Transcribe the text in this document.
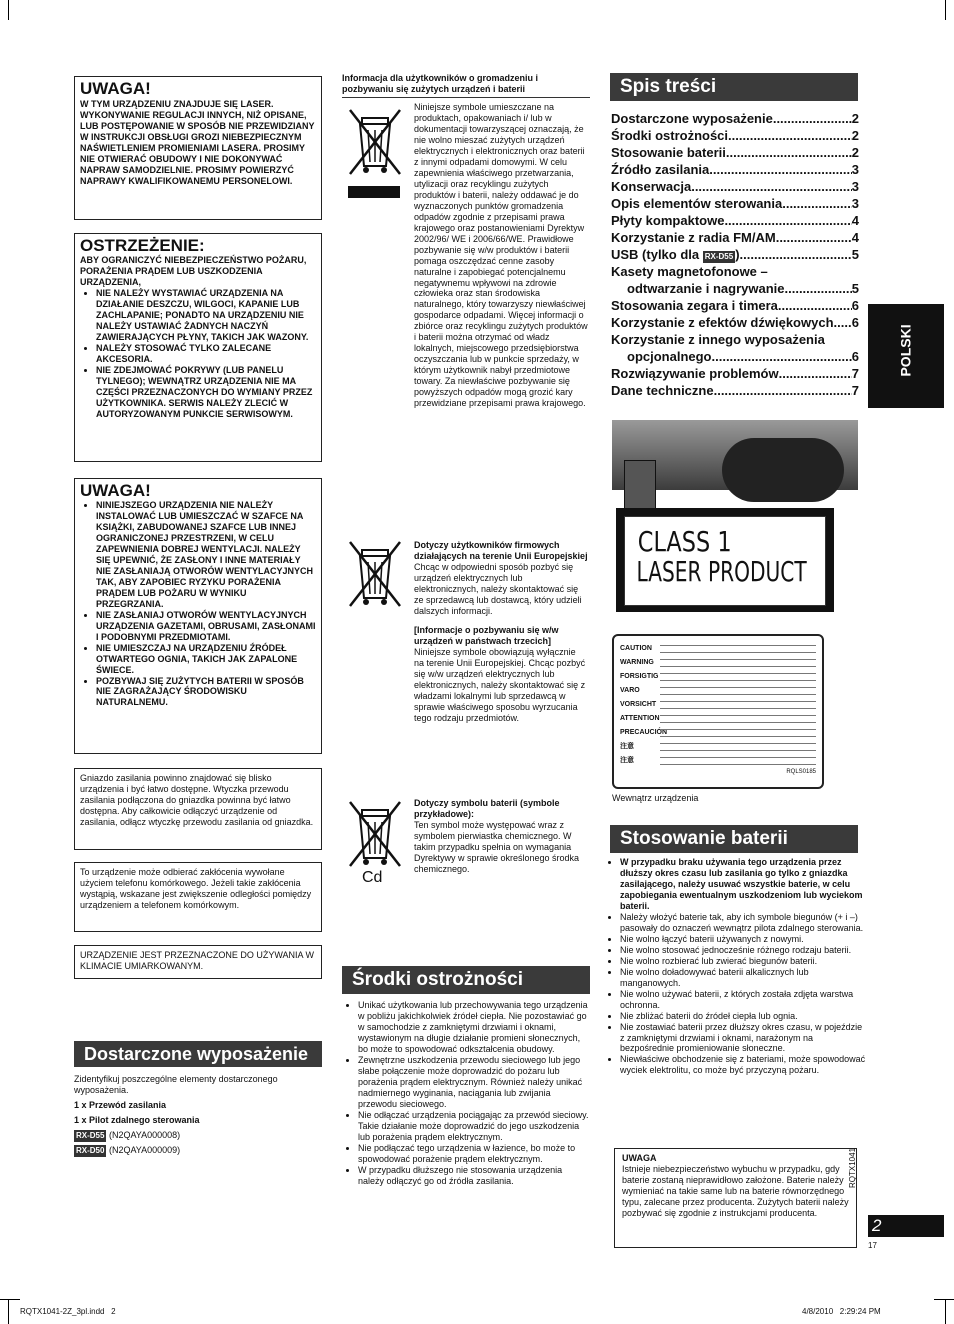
UWAGA!
W TYM URZĄDZENIU ZNAJDUJE SIĘ LASER. WYKONYWANIE REGULACJI INNYCH, NIŻ OPISANE, LUB POSTĘPOWANIE W SPOSÓB NIE PRZEWIDZIANY W INSTRUKCJI OBSŁUGI GROZI NIEBEZPIECZNYM NAŚWIETLENIEM PROMIENIAMI LASERA. PROSIMY NIE OTWIERAĆ OBUDOWY I NIE DOKONYWAĆ NAPRAW SAMODZIELNIE. PROSIMY POWIERZYĆ NAPRAWY KWALIFIKOWANEMU PERSONELOWI.
OSTRZEŻENIE:
ABY OGRANICZYĆ NIEBEZPIECZEŃSTWO POŻARU, PORAŻENIA PRĄDEM LUB USZKODZENIA URZĄDZENIA,
• NIE NALEŻY WYSTAWIAĆ URZĄDZENIA NA DZIAŁANIE DESZCZU, WILGOCI, KAPANIE LUB ZACHLAPANIE; PONADTO NA URZĄDZENIU NIE NALEŻY USTAWIAĆ ŻADNYCH NACZYŃ ZAWIERAJĄCYCH PŁYNY, TAKICH JAK WAZONY.
• NALEŻY STOSOWAĆ TYLKO ZALECANE AKCESORIA.
• NIE ZDEJMOWAĆ POKRYWY (LUB PANELU TYLNEGO); WEWNĄTRZ URZĄDZENIA NIE MA CZĘŚCI PRZEZNACZONYCH DO WYMIANY PRZEZ UŻYTKOWNIKA. SERWIS NALEŻY ZLECIĆ W AUTORYZOWANYM PUNKCIE SERWISOWYM.
UWAGA!
• NINIEJSZEGO URZĄDZENIA NIE NALEŻY INSTALOWAĆ LUB UMIESZCZAĆ W SZAFCE NA KSIĄŻKI, ZABUDOWANEJ SZAFCE LUB INNEJ OGRANICZONEJ PRZESTRZENI, W CELU ZAPEWNIENIA DOBREJ WENTYLACJI. NALEŻY SIĘ UPEWNIĆ, ŻE ZASŁONY I INNE MATERIAŁY NIE ZASŁANIAJĄ OTWORÓW WENTYLACYJNYCH TAK, ABY ZAPOBIEC RYZYKU PORAŻENIA PRĄDEM LUB POŻARU W WYNIKU PRZEGRZANIA.
• NIE ZASŁANIAJ OTWORÓW WENTYLACYJNYCH URZĄDZENIA GAZETAMI, OBRUSAMI, ZASŁONAMI I PODOBNYMI PRZEDMIOTAMI.
• NIE UMIESZCZAJ NA URZĄDZENIU ŹRÓDEŁ OTWARTEGO OGNIA, TAKICH JAK ZAPALONE ŚWIECE.
• POZBYWAJ SIĘ ZUŻYTYCH BATERII W SPOSÓB NIE ZAGRAŻAJĄCY ŚRODOWISKU NATURALNEMU.
Gniazdo zasilania powinno znajdować się blisko urządzenia i być łatwo dostępne. Wtyczka przewodu zasilania podłączona do gniazdka powinna być łatwo dostępna. Aby całkowicie odłączyć urządzenie od zasilania, odłącz wtyczkę przewodu zasilania od gniazdka.
To urządzenie może odbierać zakłócenia wywołane użyciem telefonu komórkowego. Jeżeli takie zakłócenia wystąpią, wskazane jest zwiększenie odległości pomiędzy urządzeniem a telefonem komórkowym.
URZĄDZENIE JEST PRZEZNACZONE DO UŻYWANIA W KLIMACIE UMIARKOWANYM.
Dostarczone wyposażenie
Zidentyfikuj poszczególne elementy dostarczonego wyposażenia.
1 x Przewód zasilania
1 x Pilot zdalnego sterowania
RX-D55 (N2QAYA000008)
RX-D50 (N2QAYA000009)
Informacja dla użytkowników o gromadzeniu i pozbywaniu się zużytych urządzeń i baterii
Niniejsze symbole umieszczane na produktach, opakowaniach i/ lub w dokumentacji towarzyszącej oznaczają, że nie wolno mieszać zużytych urządzeń elektrycznych i elektronicznych oraz baterii z innymi odpadami domowymi. W celu zapewnienia właściwego przetwarzania, utylizacji oraz recyklingu zużytych produktów i baterii, należy oddawać je do wyznaczonych punktów gromadzenia odpadów zgodnie z przepisami prawa krajowego oraz postanowieniami Dyrektyw 2002/96/ WE i 2006/66/WE. Prawidłowe pozbywanie się w/w produktów i baterii pomaga oszczędzać cenne zasoby naturalne i zapobiegać potencjalnemu negatywnemu wpływowi na zdrowie człowieka oraz stan środowiska naturalnego, który towarzyszy niewłaściwej gospodarce odpadami. Więcej informacji o zbiórce oraz recyklingu zużytych produktów i baterii można otrzymać od władz lokalnych, miejscowego przedsiębiorstwa oczyszczania lub w punkcie sprzedaży, w którym użytkownik nabył przedmiotowe towary. Za niewłaściwe pozbywanie się powyższych odpadów mogą grozić kary przewidziane przepisami prawa krajowego.
Dotyczy użytkowników firmowych działających na terenie Unii Europejskiej
Chcąc w odpowiedni sposób pozbyć się urządzeń elektrycznych lub elektronicznych, należy skontaktować się ze sprzedawcą lub dostawcą, który udzieli dalszych informacji.
[Informacje o pozbywaniu się w/w urządzeń w państwach trzecich]
Niniejsze symbole obowiązują wyłącznie na terenie Unii Europejskiej. Chcąc pozbyć się w/w urządzeń elektrycznych lub elektronicznych, należy skontaktować się z władzami lokalnymi lub sprzedawcą w sprawie właściwego sposobu wyrzucania tego rodzaju przedmiotów.
Cd
Dotyczy symbolu baterii (symbole przykładowe):
Ten symbol może występować wraz z symbolem pierwiastka chemicznego. W takim przypadku spełnia on wymagania Dyrektywy w sprawie określonego środka chemicznego.
Środki ostrożności
• Unikać użytkowania lub przechowywania tego urządzenia w pobliżu jakichkolwiek źródeł ciepła. Nie pozostawiać go w samochodzie z zamkniętymi drzwiami i oknami, wystawionym na długie działanie promieni słonecznych, bo może to spowodować odkształcenia obudowy.
• Zewnętrzne uszkodzenia przewodu sieciowego lub jego słabe połączenie może doprowadzić do pożaru lub porażenia prądem elektrycznym. Również należy unikać nadmiernego wyginania, naciągania lub zwijania przewodu sieciowego.
• Nie odłączać urządzenia pociągając za przewód sieciowy. Takie działanie może doprowadzić do jego uszkodzenia lub porażenia prądem elektrycznym.
• Nie podłączać tego urządzenia w łazience, bo może to spowodować porażenie prądem elektrycznym.
• W przypadku dłuższego nie stosowania urządzenia należy odłączyć go od źródła zasilania.
Spis treści
Dostarczone wyposażenie .....	2
Środki ostrożności .....	2
Stosowanie baterii .....	2
Źródło zasilania .....	3
Konserwacja .....	3
Opis elementów sterowania .....	3
Płyty kompaktowe .....	4
Korzystanie z radia FM/AM .....	4
USB (tylko dla RX-D55 ) .....	5
Kasety magnetofonowe –
odtwarzanie i nagrywanie .....	5
Stosowania zegara i timera .....	6
Korzystanie z efektów dźwiękowych ..... 6
Korzystanie z innego wyposażenia
opcjonalnego .....	6
Rozwiązywanie problemów .....	7
Dane techniczne .....	7
CLASS 1
LASER PRODUCT
CAUTION
WARNING
FORSIGTIG
VARO
VORSICHT
ATTENTION
PRECAUCIÓN
注意
注意
RQLS0185
Wewnątrz urządzenia
Stosowanie baterii
• W przypadku braku używania tego urządzenia przez dłuższy okres czasu lub zasilania go tylko z gniazdka zasilającego, należy usuwać wszystkie baterie, w celu zapobiegania ewentualnym uszkodzeniom lub wyciekom baterii.
• Należy włożyć baterie tak, aby ich symbole biegunów (+ i –) pasowały do oznaczeń wewnątrz pilota zdalnego sterowania.
• Nie wolno łączyć baterii używanych z nowymi.
• Nie wolno stosować jednocześnie różnego rodzaju baterii.
• Nie wolno rozbierać lub zwierać biegunów baterii.
• Nie wolno doładowywać baterii alkalicznych lub manganowych.
• Nie wolno używać baterii, z których została zdjęta warstwa ochronna.
• Nie zbliżać baterii do źródeł ciepła lub ognia.
• Nie zostawiać baterii przez dłuższy okres czasu, w pojeździe z zamkniętymi drzwiami i oknami, narażonym na bezpośrednie promieniowanie słoneczne.
• Niewłaściwe obchodzenie się z bateriami, może spowodować wyciek elektrolitu, co może być przyczyną pożaru.
UWAGA
Istnieje niebezpieczeństwo wybuchu w przypadku, gdy baterie zostaną nieprawidłowo założone. Baterie należy wymieniać na takie same lub na baterie równorzędnego typu, zalecane przez producenta. Zużytych baterii należy pozbywać się zgodnie z instrukcjami producenta.
POLSKI
RQTX1041
2
17
RQTX1041-2Z_3pl.indd   2	4/8/2010   2:29:24 PM
